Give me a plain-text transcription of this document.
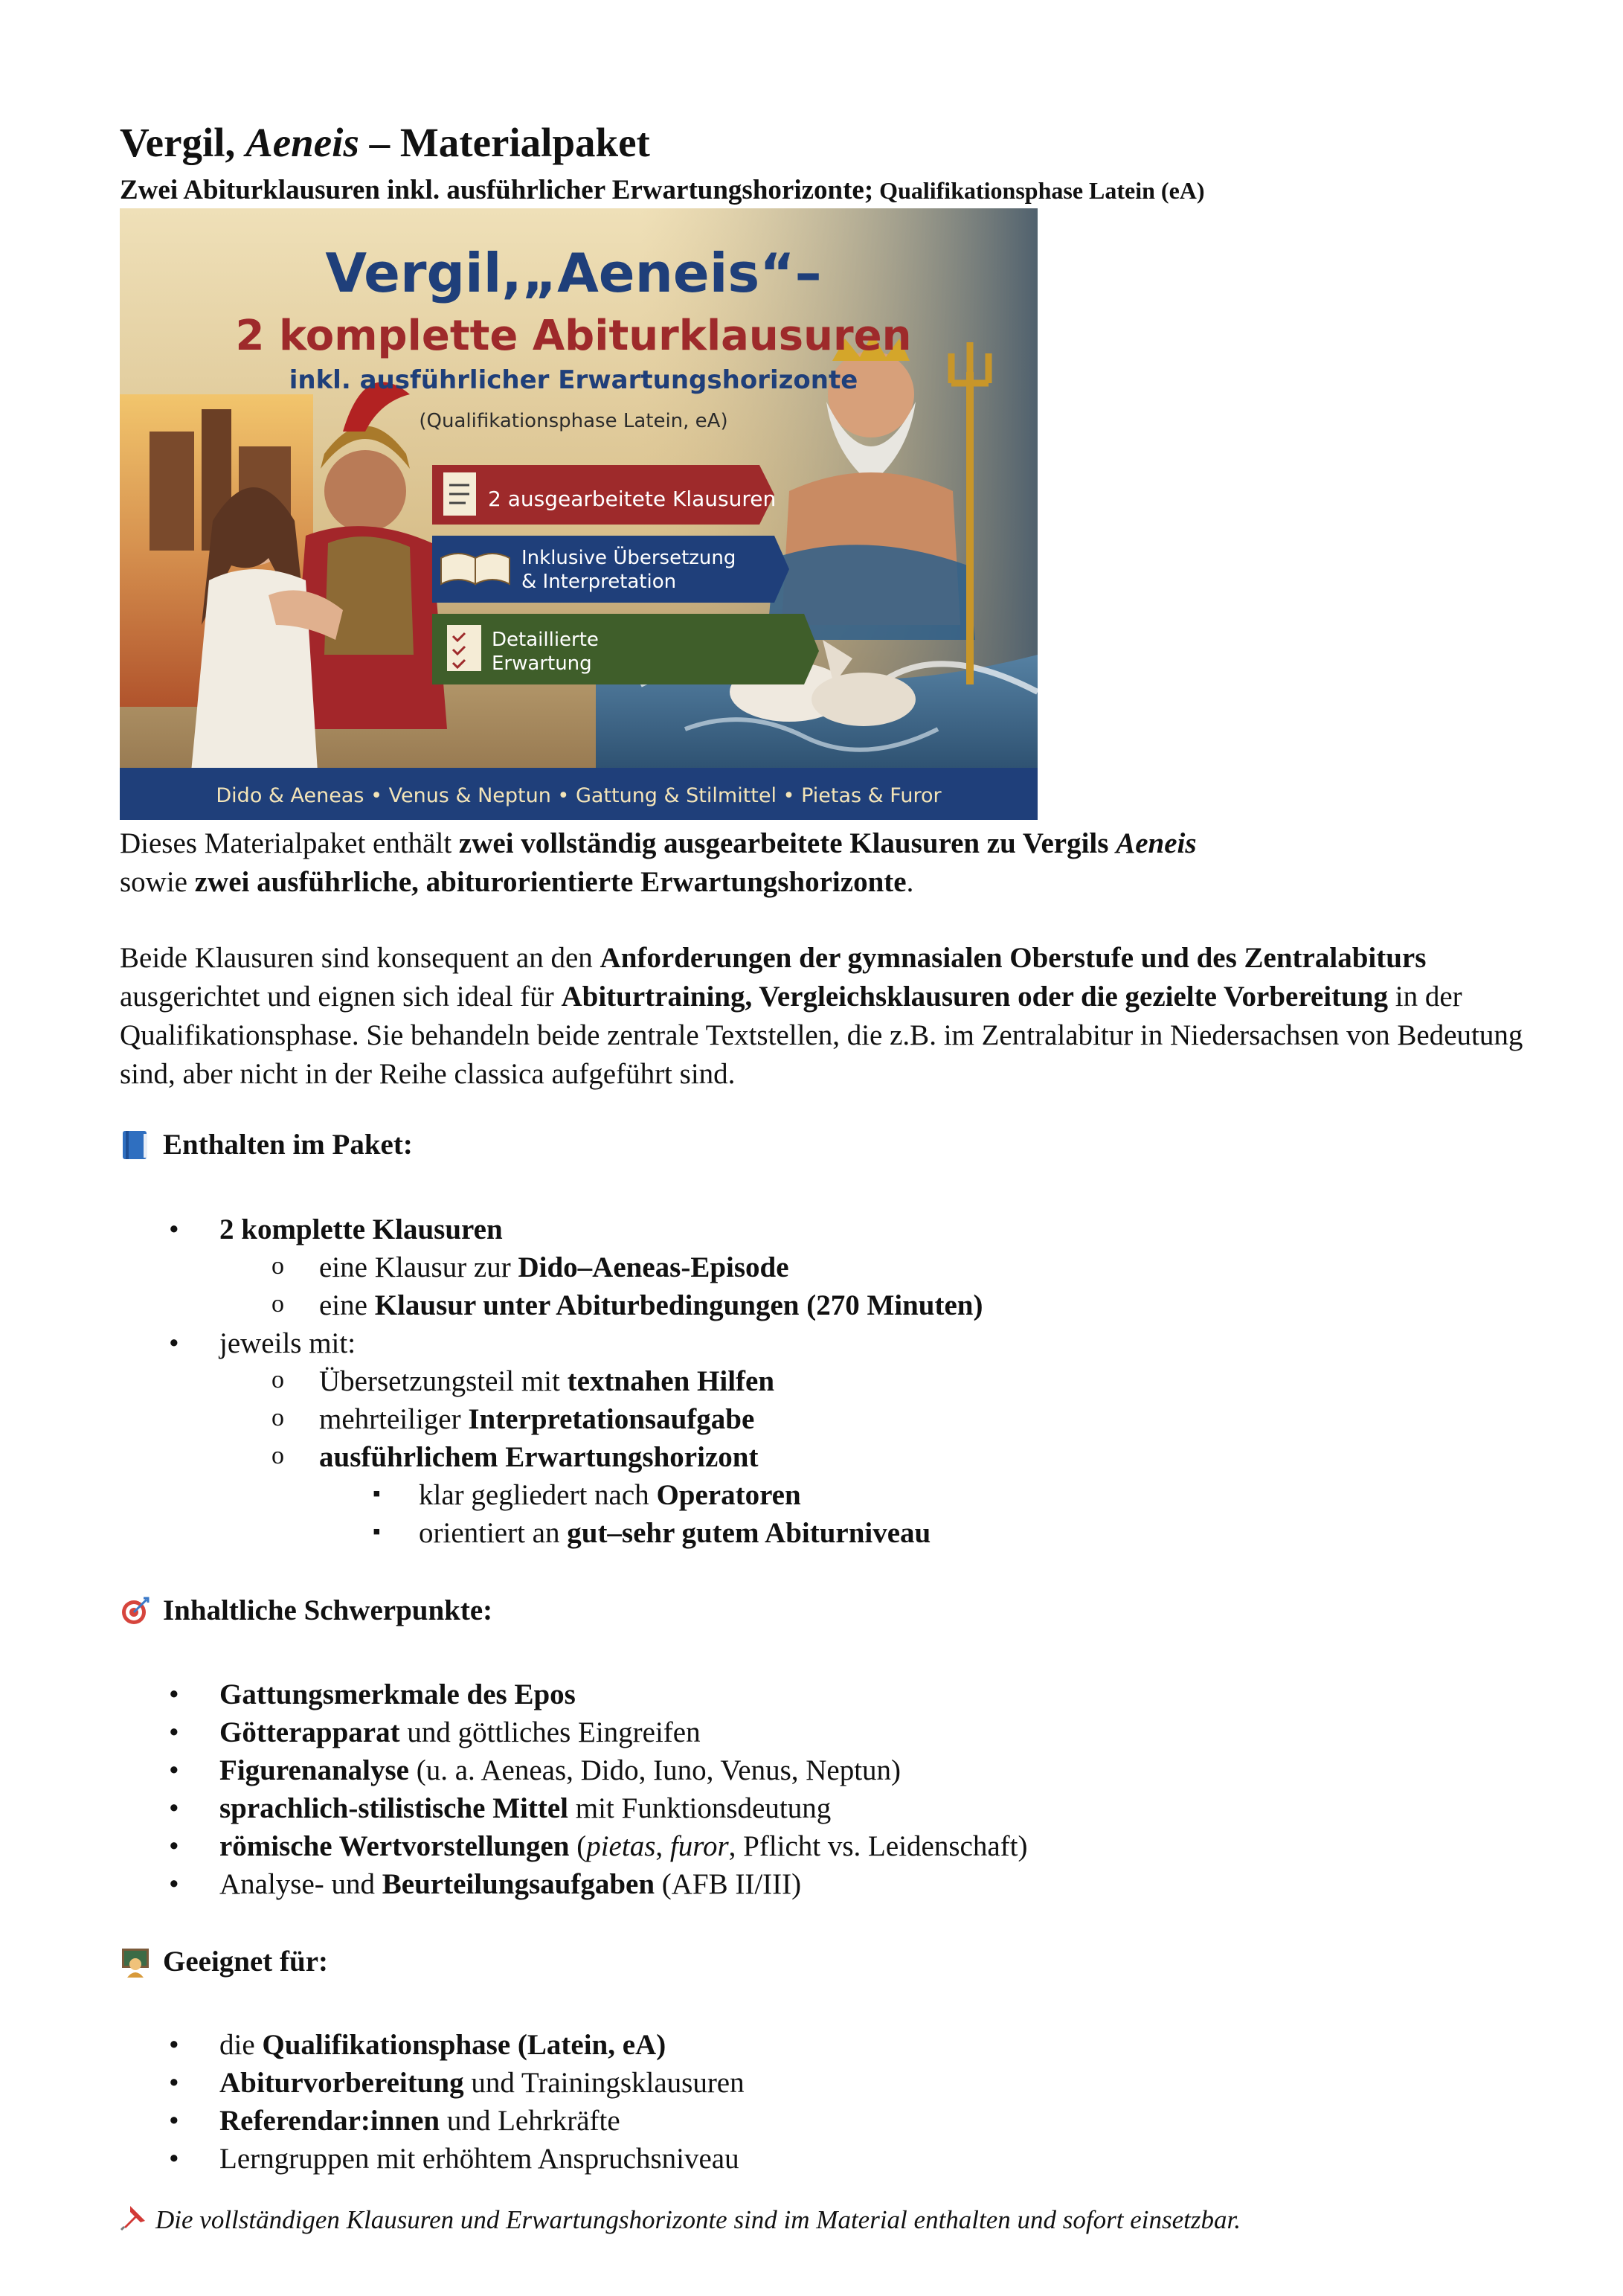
Vergil, Aeneis – Materialpaket
Zwei Abiturklausuren inkl. ausführlicher Erwartungshorizonte; Qualifikationsphase Latein (eA)
Vergil,„Aeneis“–
2 komplette Abiturklausuren
inkl. ausführlicher Erwartungshorizonte
(Qualifikationsphase Latein, eA)
2 ausgearbeitete Klausuren
Inklusive Übersetzung
& Interpretation
Detaillierte
Erwartung
Dido & Aeneas • Venus & Neptun • Gattung & Stilmittel • Pietas & Furor
Dieses Materialpaket enthält zwei vollständig ausgearbeitete Klausuren zu Vergils Aeneis
sowie zwei ausführliche, abiturorientierte Erwartungshorizonte.
Beide Klausuren sind konsequent an den Anforderungen der gymnasialen Oberstufe und des Zentralabiturs ausgerichtet und eignen sich ideal für Abiturtraining, Vergleichsklausuren oder die gezielte Vorbereitung in der Qualifikationsphase. Sie behandeln beide zentrale Textstellen, die z.B. im Zentralabitur in Niedersachsen von Bedeutung sind, aber nicht in der Reihe classica aufgeführt sind.
Enthalten im Paket:
• 2 komplette Klausuren
o eine Klausur zur Dido–Aeneas-Episode
o eine Klausur unter Abiturbedingungen (270 Minuten)
• jeweils mit:
o Übersetzungsteil mit textnahen Hilfen
o mehrteiliger Interpretationsaufgabe
o ausführlichem Erwartungshorizont
▪ klar gegliedert nach Operatoren
▪ orientiert an gut–sehr gutem Abiturniveau
Inhaltliche Schwerpunkte:
• Gattungsmerkmale des Epos
• Götterapparat und göttliches Eingreifen
• Figurenanalyse (u. a. Aeneas, Dido, Iuno, Venus, Neptun)
• sprachlich-stilistische Mittel mit Funktionsdeutung
• römische Wertvorstellungen (pietas, furor, Pflicht vs. Leidenschaft)
• Analyse- und Beurteilungsaufgaben (AFB II/III)
Geeignet für:
• die Qualifikationsphase (Latein, eA)
• Abiturvorbereitung und Trainingsklausuren
• Referendar:innen und Lehrkräfte
• Lerngruppen mit erhöhtem Anspruchsniveau
Die vollständigen Klausuren und Erwartungshorizonte sind im Material enthalten und sofort einsetzbar.
